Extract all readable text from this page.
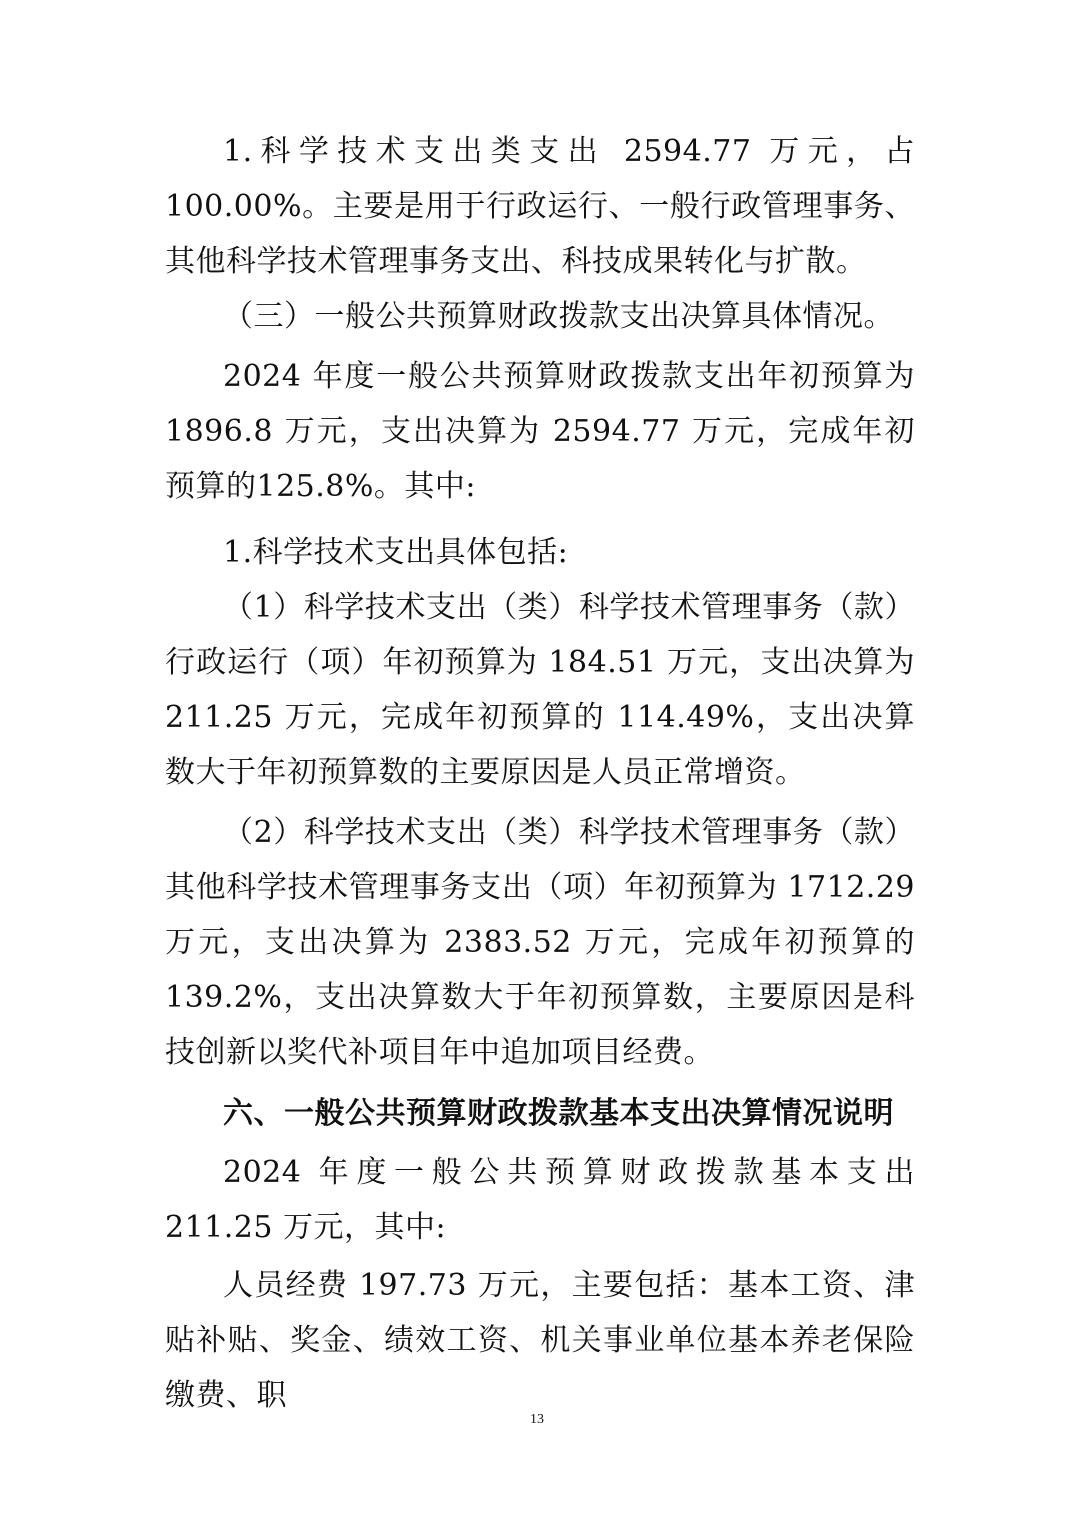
1.科学技术支出类支出 2594.77 万元，占 100.00%。主要是用于行政运行、一般行政管理事务、其他科学技术管理事务支出、科技成果转化与扩散。

（三）一般公共预算财政拨款支出决算具体情况。

2024 年度一般公共预算财政拨款支出年初预算为1896.8 万元，支出决算为 2594.77 万元，完成年初预算的125.8%。其中:

1.科学技术支出具体包括:

（1）科学技术支出（类）科学技术管理事务（款）行政运行（项）年初预算为 184.51 万元，支出决算为 211.25 万元，完成年初预算的 114.49%，支出决算数大于年初预算数的主要原因是人员正常增资。

（2）科学技术支出（类）科学技术管理事务（款）其他科学技术管理事务支出（项）年初预算为 1712.29 万元，支出决算为 2383.52 万元，完成年初预算的 139.2%，支出决算数大于年初预算数，主要原因是科技创新以奖代补项目年中追加项目经费。

六、一般公共预算财政拨款基本支出决算情况说明

2024 年度一般公共预算财政拨款基本支出 211.25 万元，其中:

人员经费 197.73 万元，主要包括：基本工资、津贴补贴、奖金、绩效工资、机关事业单位基本养老保险缴费、职

13
